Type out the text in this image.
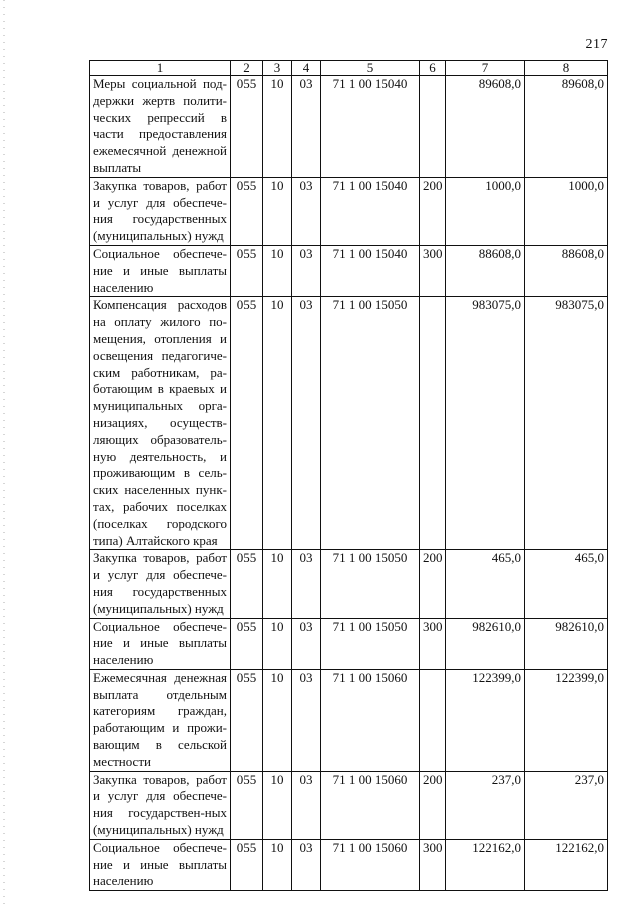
217
1	2	3	4	5	6	7	8
Меры социальной под-держки жертв полити-ческих репрессий в части предоставления ежемесячной денежной выплаты	055	10	03	71 1 00 15040		89608,0	89608,0
Закупка товаров, работ и услуг для обеспече-ния государственных (муниципальных) нужд	055	10	03	71 1 00 15040	200	1000,0	1000,0
Социальное обеспече-ние и иные выплаты населению	055	10	03	71 1 00 15040	300	88608,0	88608,0
Компенсация расходов на оплату жилого по-мещения, отопления и освещения педагогиче-ским работникам, ра-ботающим в краевых и муниципальных орга-низациях, осуществ-ляющих образователь-ную деятельность, и проживающим в сель-ских населенных пунк-тах, рабочих поселках (поселках городского типа) Алтайского края	055	10	03	71 1 00 15050		983075,0	983075,0
Закупка товаров, работ и услуг для обеспече-ния государственных (муниципальных) нужд	055	10	03	71 1 00 15050	200	465,0	465,0
Социальное обеспече-ние и иные выплаты населению	055	10	03	71 1 00 15050	300	982610,0	982610,0
Ежемесячная денежная выплата отдельным категориям граждан, работающим и прожи-вающим в сельской местности	055	10	03	71 1 00 15060		122399,0	122399,0
Закупка товаров, работ и услуг для обеспече-ния государствен-ных (муниципальных) нужд	055	10	03	71 1 00 15060	200	237,0	237,0
Социальное обеспече-ние и иные выплаты населению	055	10	03	71 1 00 15060	300	122162,0	122162,0
